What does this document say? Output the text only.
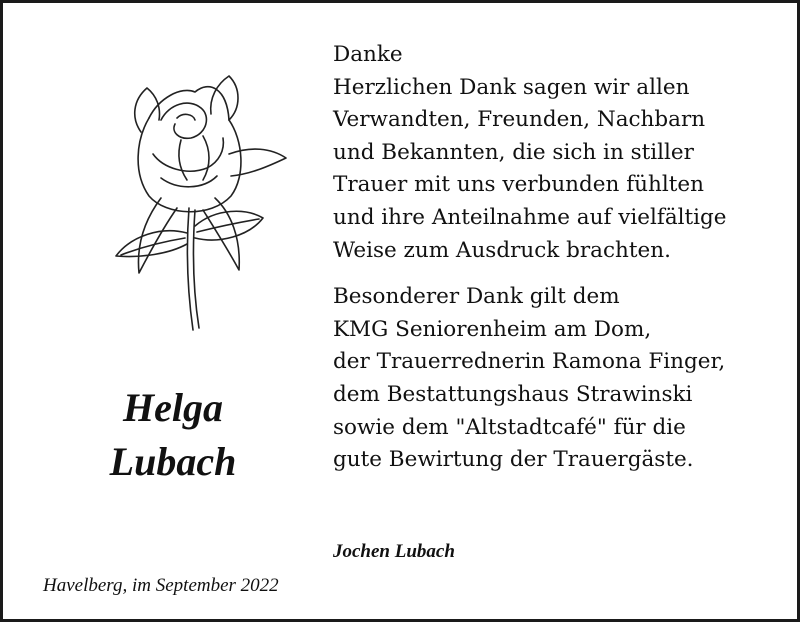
Helga
Lubach
Danke
Herzlichen Dank sagen wir allen
Verwandten, Freunden, Nachbarn
und Bekannten, die sich in stiller
Trauer mit uns verbunden fühlten
und ihre Anteilnahme auf vielfältige
Weise zum Ausdruck brachten.
Besonderer Dank gilt dem
KMG Seniorenheim am Dom,
der Trauerrednerin Ramona Finger,
dem Bestattungshaus Strawinski
sowie dem "Altstadtcafé" für die
gute Bewirtung der Trauergäste.
Jochen Lubach
Havelberg, im September 2022
